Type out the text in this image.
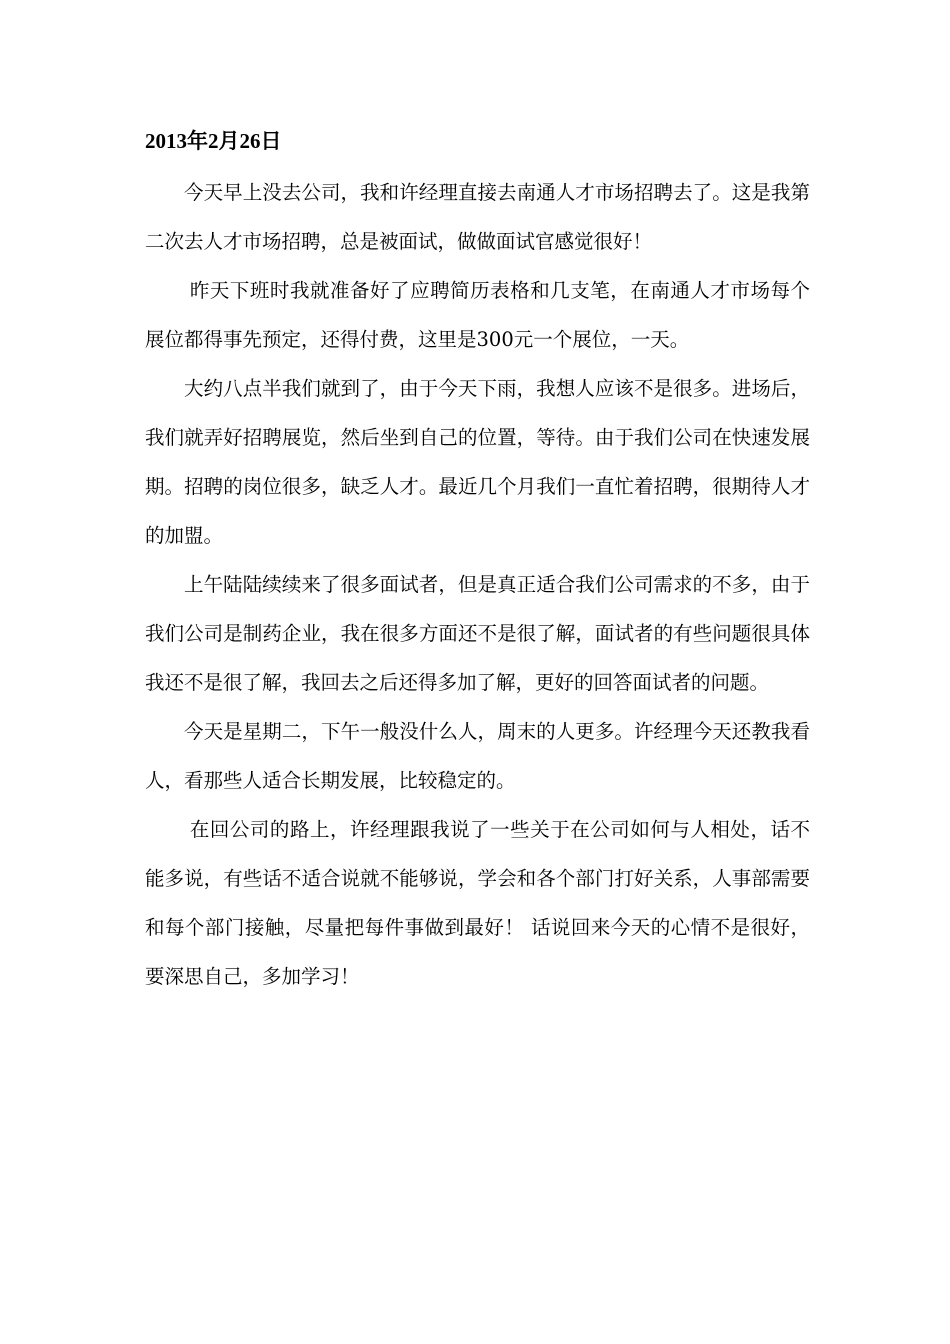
2013年2月26日

今天早上没去公司，我和许经理直接去南通人才市场招聘去了。这是我第二次去人才市场招聘，总是被面试，做做面试官感觉很好！

昨天下班时我就准备好了应聘简历表格和几支笔，在南通人才市场每个展位都得事先预定，还得付费，这里是300元一个展位，一天。

大约八点半我们就到了，由于今天下雨，我想人应该不是很多。进场后，我们就弄好招聘展览，然后坐到自己的位置，等待。由于我们公司在快速发展期。招聘的岗位很多，缺乏人才。最近几个月我们一直忙着招聘，很期待人才的加盟。

上午陆陆续续来了很多面试者，但是真正适合我们公司需求的不多，由于我们公司是制药企业，我在很多方面还不是很了解，面试者的有些问题很具体我还不是很了解，我回去之后还得多加了解，更好的回答面试者的问题。

今天是星期二，下午一般没什么人，周末的人更多。许经理今天还教我看人，看那些人适合长期发展，比较稳定的。

在回公司的路上，许经理跟我说了一些关于在公司如何与人相处，话不能多说，有些话不适合说就不能够说，学会和各个部门打好关系，人事部需要和每个部门接触，尽量把每件事做到最好！ 话说回来今天的心情不是很好，要深思自己，多加学习！
